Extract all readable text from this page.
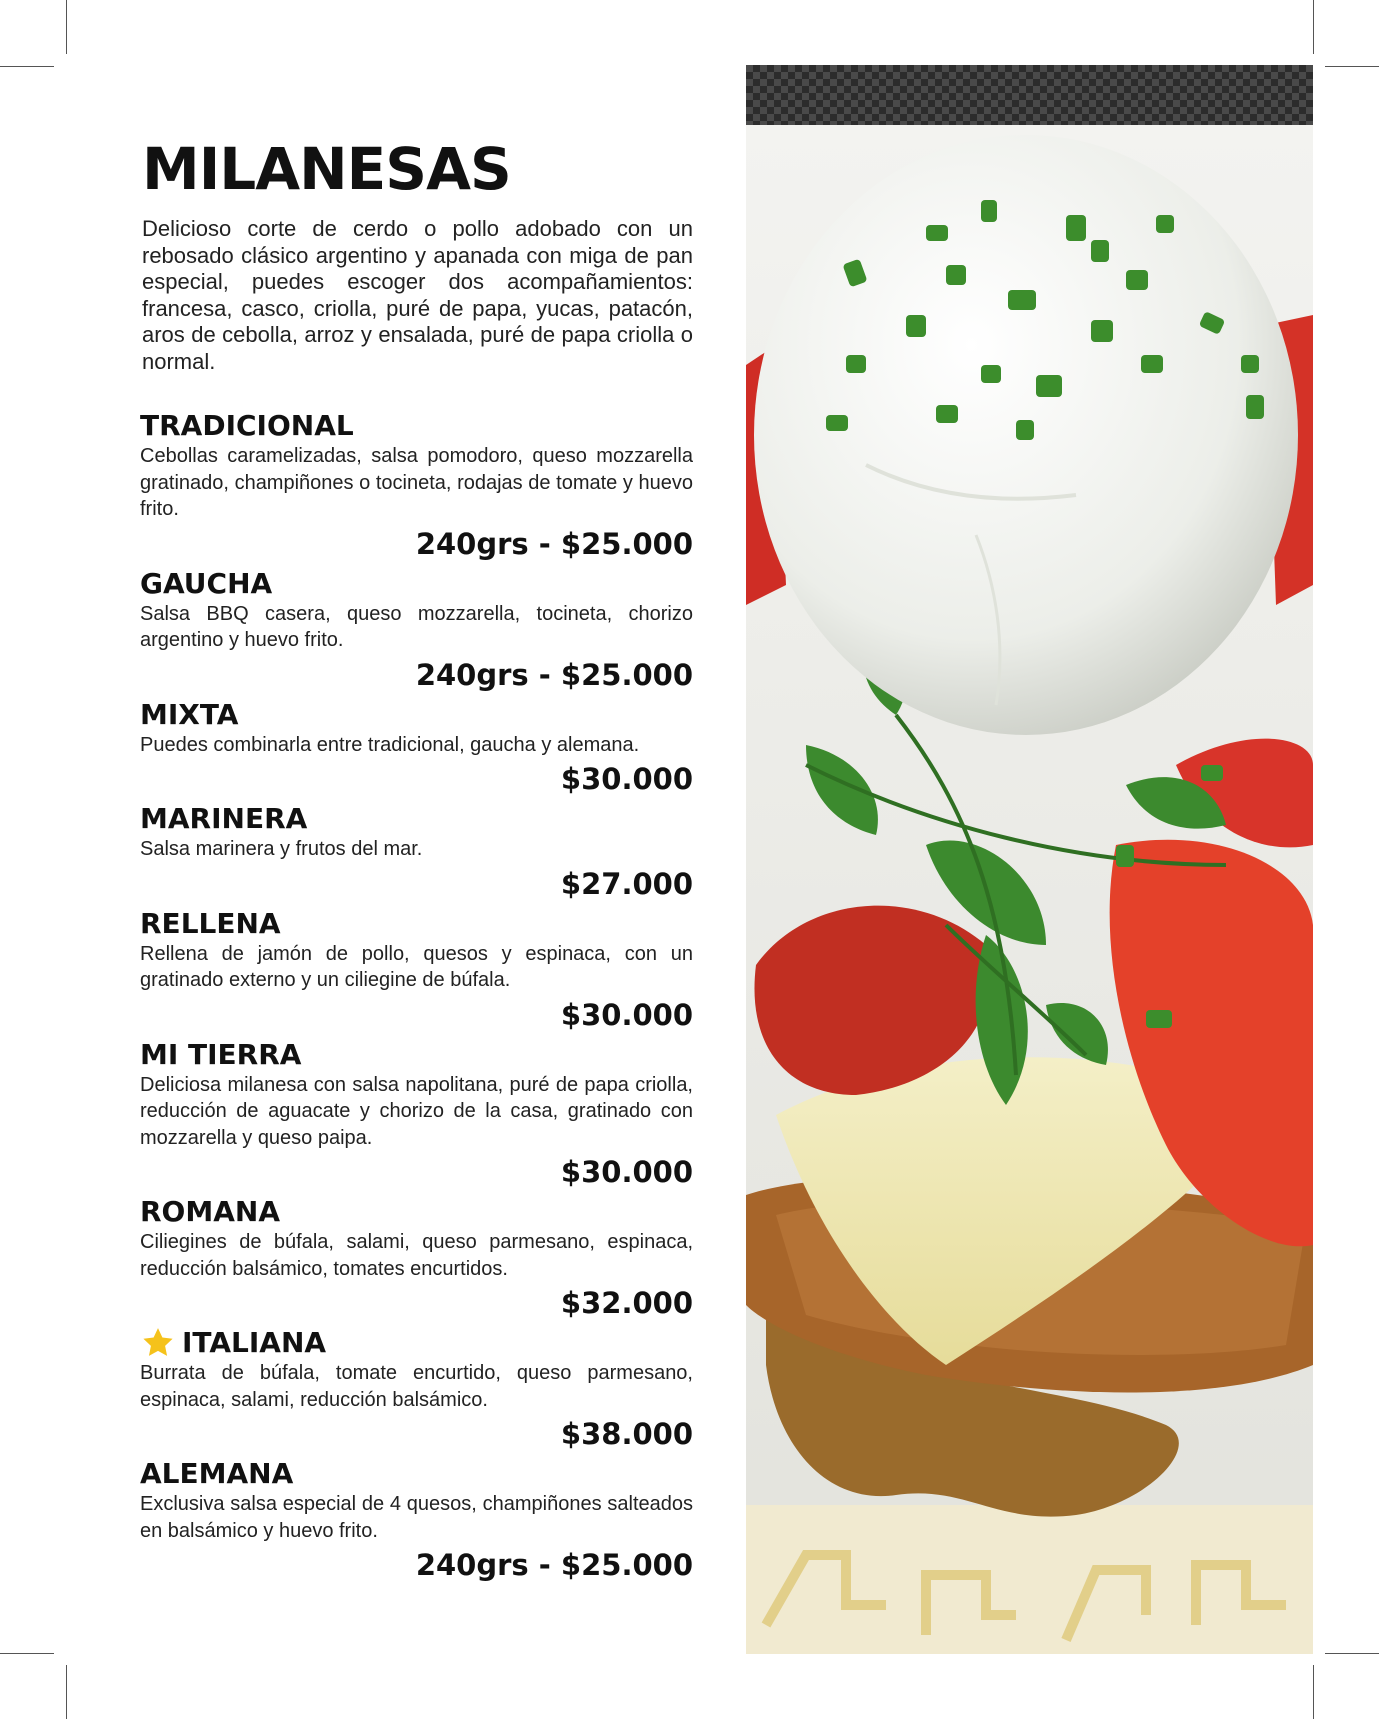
MILANESAS

Delicioso corte de cerdo o pollo adobado con un rebosado clásico argentino y apanada con miga de pan especial, puedes escoger dos acompañamientos: francesa, casco, criolla, puré de papa, yucas, patacón, aros de cebolla, arroz y ensalada, puré de papa criolla o normal.

TRADICIONAL
Cebollas caramelizadas, salsa pomodoro, queso mozzarella gratinado, champiñones o tocineta, rodajas de tomate y huevo frito.
240grs - $25.000
GAUCHA
Salsa BBQ casera, queso mozzarella, tocineta, chorizo argentino y huevo frito.
240grs - $25.000
MIXTA
Puedes combinarla entre tradicional, gaucha y alemana.
$30.000
MARINERA
Salsa marinera y frutos del mar.
$27.000
RELLENA
Rellena de jamón de pollo, quesos y espinaca, con un gratinado externo y un ciliegine de búfala.
$30.000
MI TIERRA
Deliciosa milanesa con salsa napolitana, puré de papa criolla, reducción de aguacate y chorizo de la casa, gratinado con mozzarella y queso paipa.
$30.000
ROMANA
Ciliegines de búfala, salami, queso parmesano, espinaca, reducción balsámico, tomates encurtidos.
$32.000
ITALIANA
Burrata de búfala, tomate encurtido, queso parmesano, espinaca, salami, reducción balsámico.
$38.000
ALEMANA
Exclusiva salsa especial de 4 quesos, champiñones salteados en balsámico y huevo frito.
240grs - $25.000
